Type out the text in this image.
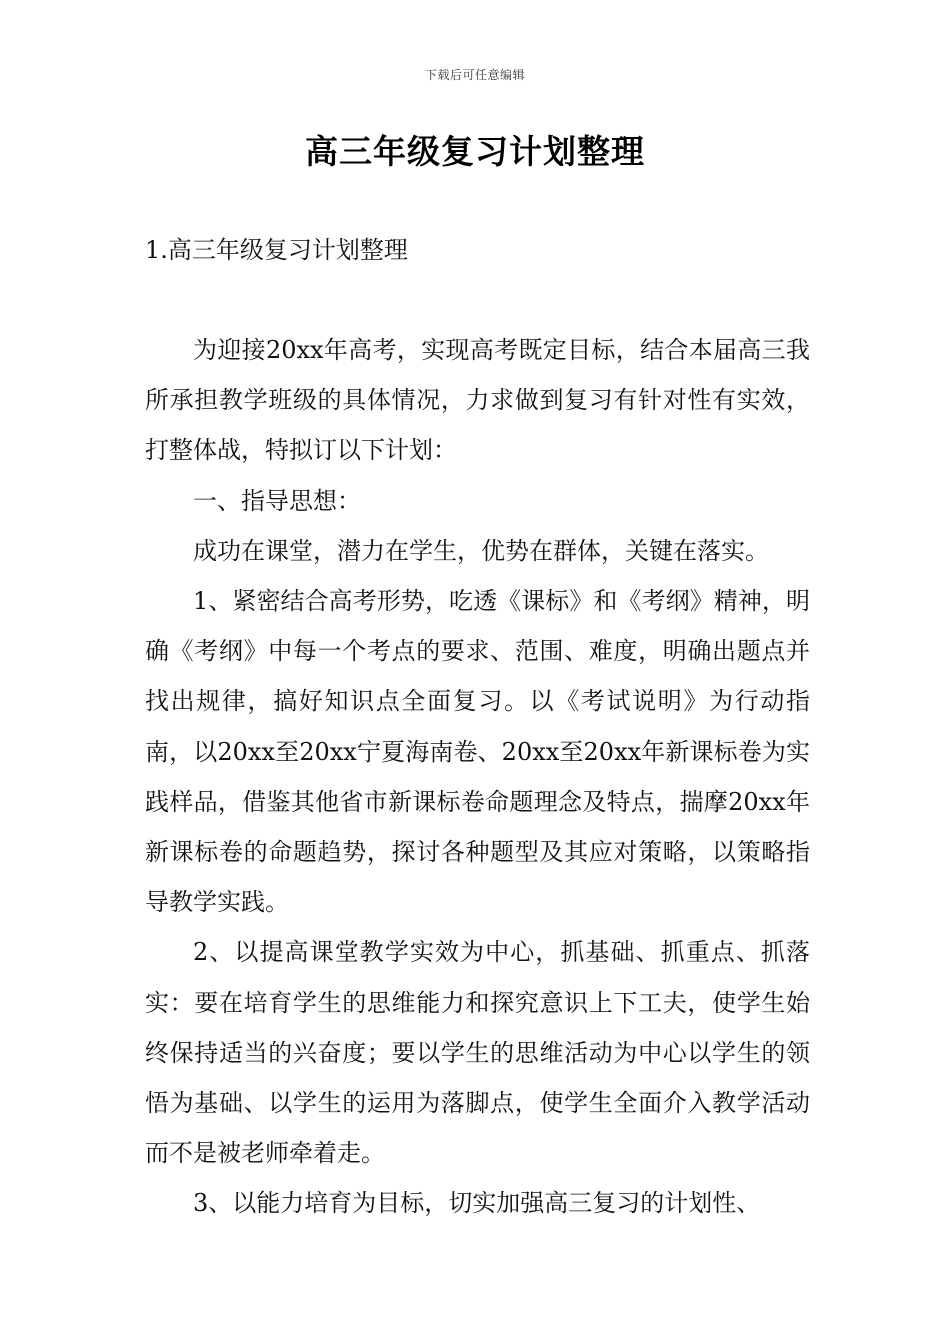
下载后可任意编辑
高三年级复习计划整理
1.高三年级复习计划整理

为迎接20xx年高考，实现高考既定目标，结合本届高三我所承担教学班级的具体情况，力求做到复习有针对性有实效，打整体战，特拟订以下计划：

一、指导思想：

成功在课堂，潜力在学生，优势在群体，关键在落实。

1、紧密结合高考形势，吃透《课标》和《考纲》精神，明确《考纲》中每一个考点的要求、范围、难度，明确出题点并找出规律，搞好知识点全面复习。以《考试说明》为行动指南，以20xx至20xx宁夏海南卷、20xx至20xx年新课标卷为实践样品，借鉴其他省市新课标卷命题理念及特点，揣摩20xx年新课标卷的命题趋势，探讨各种题型及其应对策略，以策略指导教学实践。

2、以提高课堂教学实效为中心，抓基础、抓重点、抓落实：要在培育学生的思维能力和探究意识上下工夫，使学生始终保持适当的兴奋度；要以学生的思维活动为中心以学生的领悟为基础、以学生的运用为落脚点，使学生全面介入教学活动而不是被老师牵着走。

3、以能力培育为目标，切实加强高三复习的计划性、
